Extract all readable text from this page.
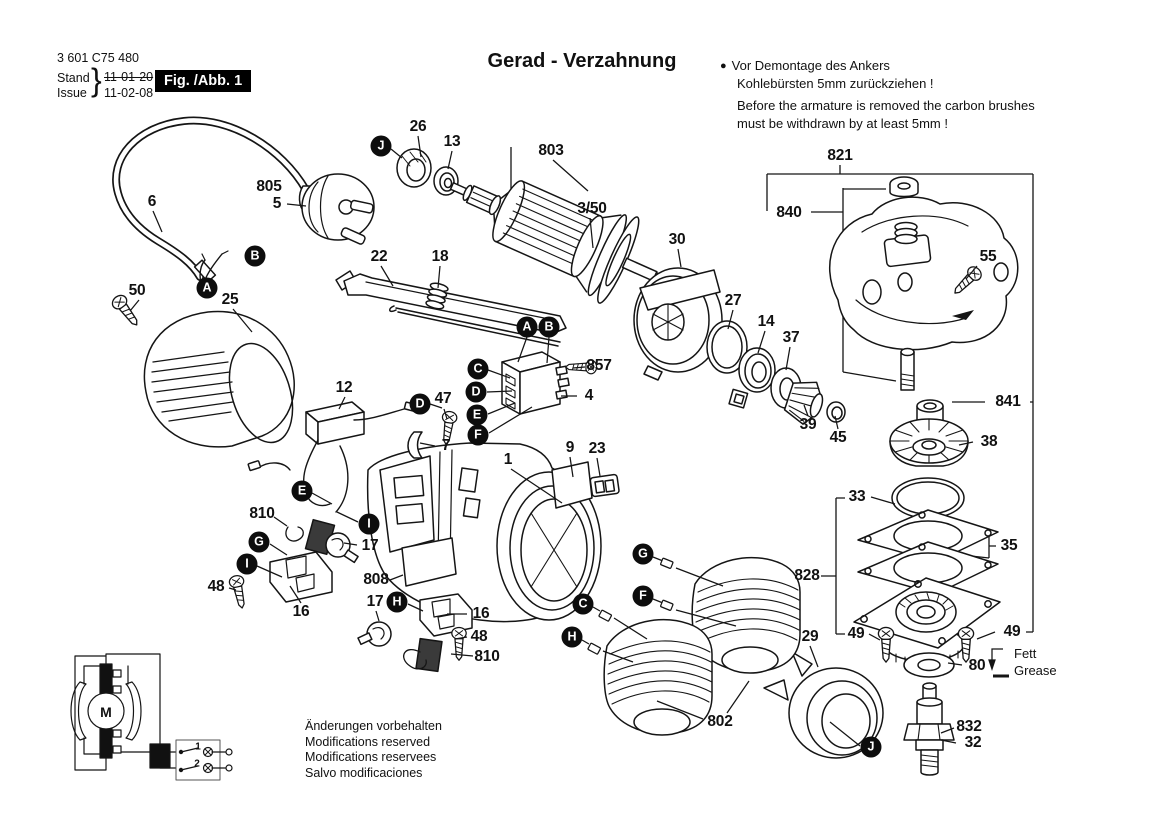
3 601 C75 480
Stand
Issue } 11-01-20
11-02-08
Fig. /Abb. 1
Gerad - Verzahnung	● Vor Demontage des Ankers
Kohlebürsten 5mm zurückziehen !
Before the armature is removed the carbon brushes
must be withdrawn by at least 5mm !
Fett
Grease
M
1
2
Änderungen vorbehalten
Modifications reserved
Modifications reservees
Salvo modificaciones
26
13
803
3/50
805
5
6
50
25
22	18
30
27
14
37
39
45
821
840
55
841
38
33
35
828
49	49
80
832
32
29
802
857
4
47
7
12
1
9 23
810
17
16
48
17
16
48
810
808
J
B
A
A	B
C
D
E
F
D
E
I
G
I
H
G
F
C
H
J
